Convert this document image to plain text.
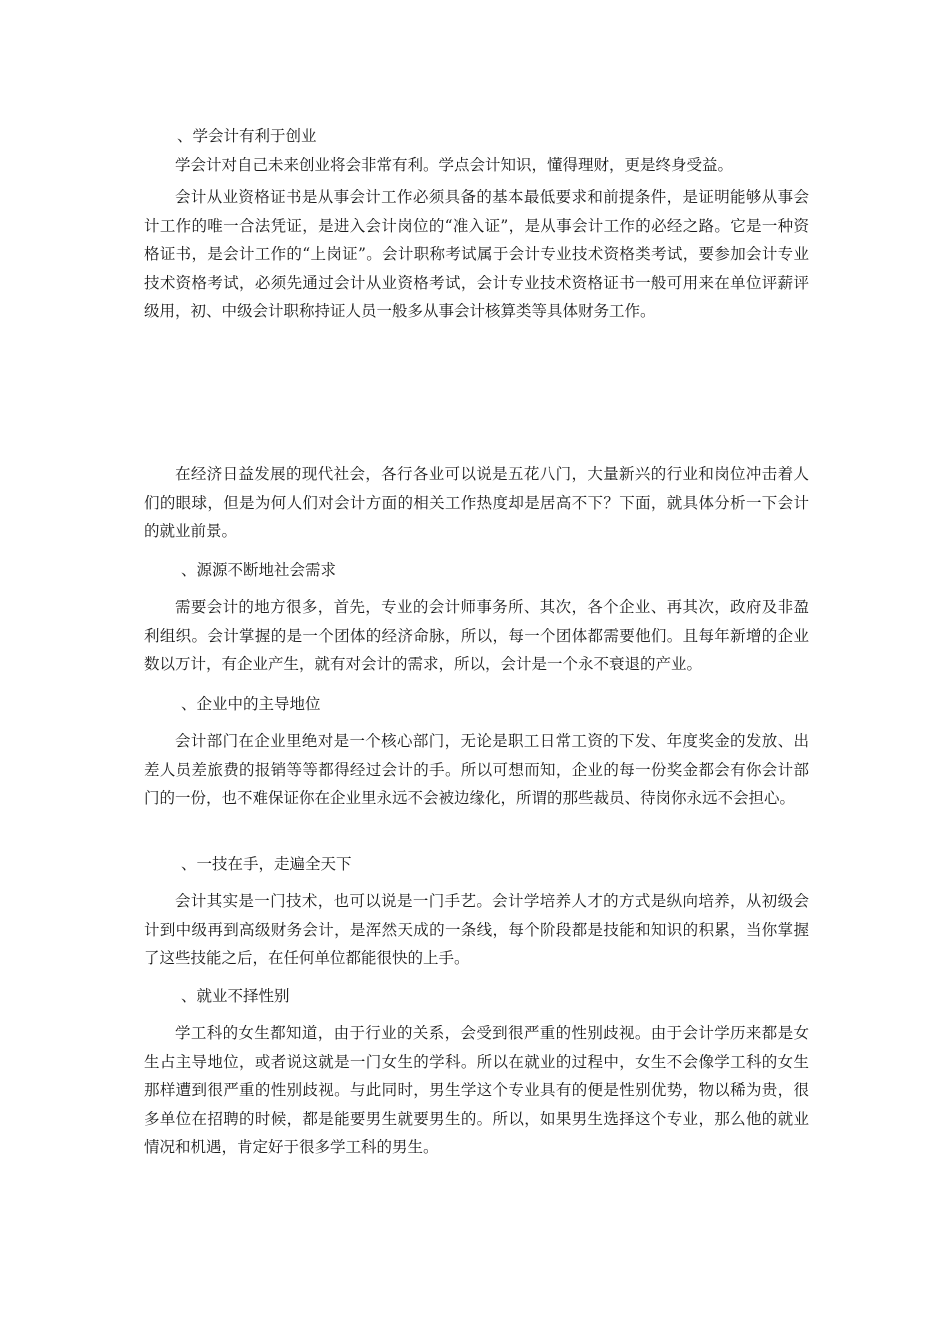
、学会计有利于创业

学会计对自己未来创业将会非常有利。学点会计知识，懂得理财，更是终身受益。

会计从业资格证书是从事会计工作必须具备的基本最低要求和前提条件，是证明能够从事会计工作的唯一合法凭证，是进入会计岗位的“准入证”，是从事会计工作的必经之路。它是一种资格证书，是会计工作的“上岗证”。会计职称考试属于会计专业技术资格类考试，要参加会计专业技术资格考试，必须先通过会计从业资格考试，会计专业技术资格证书一般可用来在单位评薪评级用，初、中级会计职称持证人员一般多从事会计核算类等具体财务工作。

在经济日益发展的现代社会，各行各业可以说是五花八门，大量新兴的行业和岗位冲击着人们的眼球，但是为何人们对会计方面的相关工作热度却是居高不下？下面，就具体分析一下会计的就业前景。

、源源不断地社会需求

需要会计的地方很多，首先，专业的会计师事务所、其次，各个企业、再其次，政府及非盈利组织。会计掌握的是一个团体的经济命脉，所以，每一个团体都需要他们。且每年新增的企业数以万计，有企业产生，就有对会计的需求，所以，会计是一个永不衰退的产业。

、企业中的主导地位

会计部门在企业里绝对是一个核心部门，无论是职工日常工资的下发、年度奖金的发放、出差人员差旅费的报销等等都得经过会计的手。所以可想而知，企业的每一份奖金都会有你会计部门的一份，也不难保证你在企业里永远不会被边缘化，所谓的那些裁员、待岗你永远不会担心。

、一技在手，走遍全天下

会计其实是一门技术，也可以说是一门手艺。会计学培养人才的方式是纵向培养，从初级会计到中级再到高级财务会计，是浑然天成的一条线，每个阶段都是技能和知识的积累，当你掌握了这些技能之后，在任何单位都能很快的上手。

、就业不择性别

学工科的女生都知道，由于行业的关系，会受到很严重的性别歧视。由于会计学历来都是女生占主导地位，或者说这就是一门女生的学科。所以在就业的过程中，女生不会像学工科的女生那样遭到很严重的性别歧视。与此同时，男生学这个专业具有的便是性别优势，物以稀为贵，很多单位在招聘的时候，都是能要男生就要男生的。所以，如果男生选择这个专业，那么他的就业情况和机遇，肯定好于很多学工科的男生。
